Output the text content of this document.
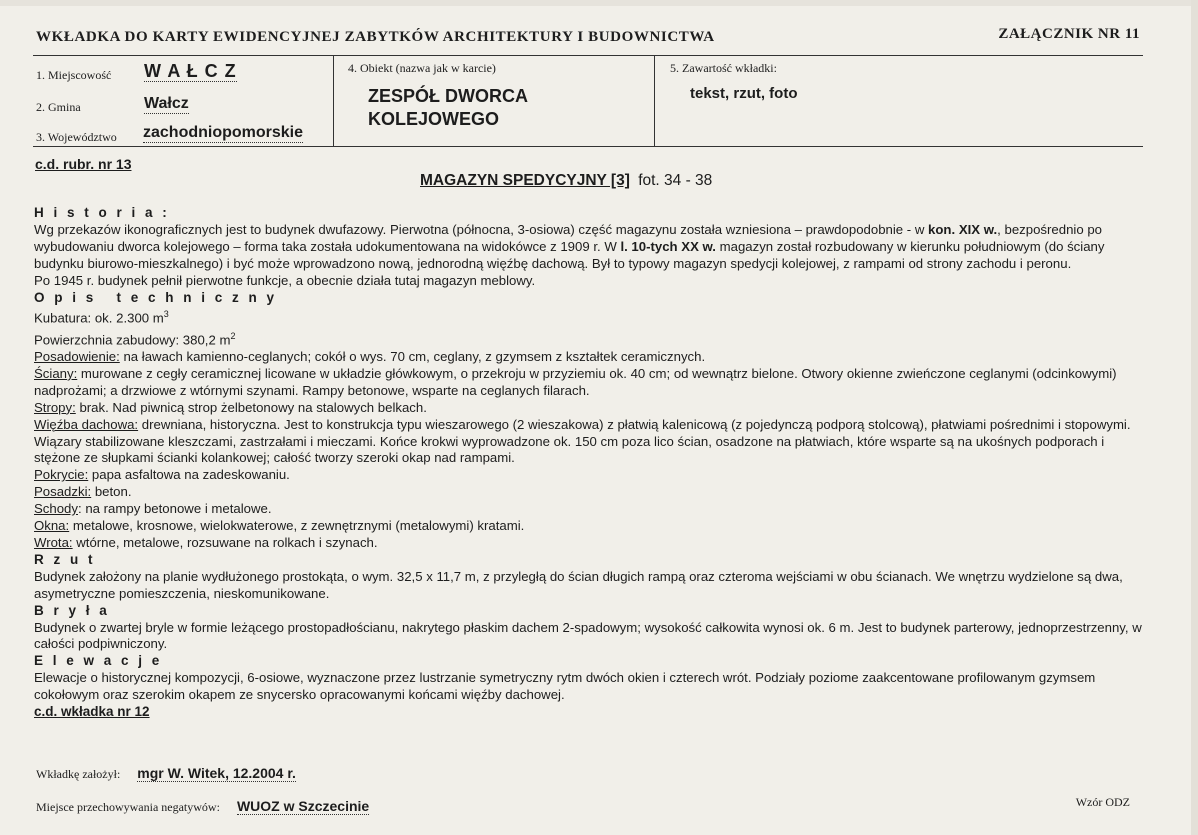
WKŁADKA DO KARTY EWIDENCYJNEJ ZABYTKÓW ARCHITEKTURY I BUDOWNICTWA	ZAŁĄCZNIK NR 11
1. Miejscowość W A Ł C Z
2. Gmina	Wałcz
3. Województwo zachodniopomorskie
4. Obiekt (nazwa jak w karcie)
ZESPÓŁ DWORCA
KOLEJOWEGO
5. Zawartość wkładki:
tekst, rzut, foto
c.d. rubr. nr 13
MAGAZYN SPEDYCYJNY [3] fot. 34 - 38
H i s t o r i a :

Wg przekazów ikonograficznych jest to budynek dwufazowy. Pierwotna (północna, 3-osiowa) część magazynu została wzniesiona – prawdopodobnie - w kon. XIX w., bezpośrednio po wybudowaniu dworca kolejowego – forma taka została udokumentowana na widokówce z 1909 r. W l. 10-tych XX w. magazyn został rozbudowany w kierunku południowym (do ściany budynku biurowo-mieszkalnego) i być może wprowadzono nową, jednorodną więźbę dachową. Był to typowy magazyn spedycji kolejowej, z rampami od strony zachodu i peronu.

Po 1945 r. budynek pełnił pierwotne funkcje, a obecnie działa tutaj magazyn meblowy.

O p i s   t e c h n i c z n y

Kubatura: ok. 2.300 $m^3$

Powierzchnia zabudowy: 380,2 $m^2$

Posadowienie: na ławach kamienno-ceglanych; cokół o wys. 70 cm, ceglany, z gzymsem z kształtek ceramicznych.

Ściany: murowane z cegły ceramicznej licowane w układzie główkowym, o przekroju w przyziemiu ok. 40 cm; od wewnątrz bielone. Otwory okienne zwieńczone ceglanymi (odcinkowymi) nadprożami; a drzwiowe z wtórnymi szynami. Rampy betonowe, wsparte na ceglanych filarach.

Stropy: brak. Nad piwnicą strop żelbetonowy na stalowych belkach.

Więźba dachowa: drewniana, historyczna. Jest to konstrukcja typu wieszarowego (2 wieszakowa) z płatwią kalenicową (z pojedynczą podporą stolcową), płatwiami pośrednimi i stopowymi. Wiązary stabilizowane kleszczami, zastrzałami i mieczami. Końce krokwi wyprowadzone ok. 150 cm poza lico ścian, osadzone na płatwiach, które wsparte są na ukośnych podporach i stężone ze słupkami ścianki kolankowej; całość tworzy szeroki okap nad rampami.

Pokrycie: papa asfaltowa na zadeskowaniu.

Posadzki: beton.

Schody: na rampy betonowe i metalowe.

Okna: metalowe, krosnowe, wielokwaterowe, z zewnętrznymi (metalowymi) kratami.

Wrota: wtórne, metalowe, rozsuwane na rolkach i szynach.

R z u t

Budynek założony na planie wydłużonego prostokąta, o wym. 32,5 x 11,7 m, z przyległą do ścian długich rampą oraz czteroma wejściami w obu ścianach. We wnętrzu wydzielone są dwa, asymetryczne pomieszczenia, nieskomunikowane.

B r y ł a

Budynek o zwartej bryle w formie leżącego prostopadłościanu, nakrytego płaskim dachem 2-spadowym; wysokość całkowita wynosi ok. 6 m. Jest to budynek parterowy, jednoprzestrzenny, w całości podpiwniczony.

E l e w a c j e

Elewacje o historycznej kompozycji, 6-osiowe, wyznaczone przez lustrzanie symetryczny rytm dwóch okien i czterech wrót. Podziały poziome zaakcentowane profilowanym gzymsem cokołowym oraz szerokim okapem ze snycersko opracowanymi końcami więźby dachowej.

c.d. wkładka nr 12
Wkładkę założył: mgr W. Witek, 12.2004 r.
Miejsce przechowywania negatywów: WUOZ w Szczecinie	Wzór ODZ
